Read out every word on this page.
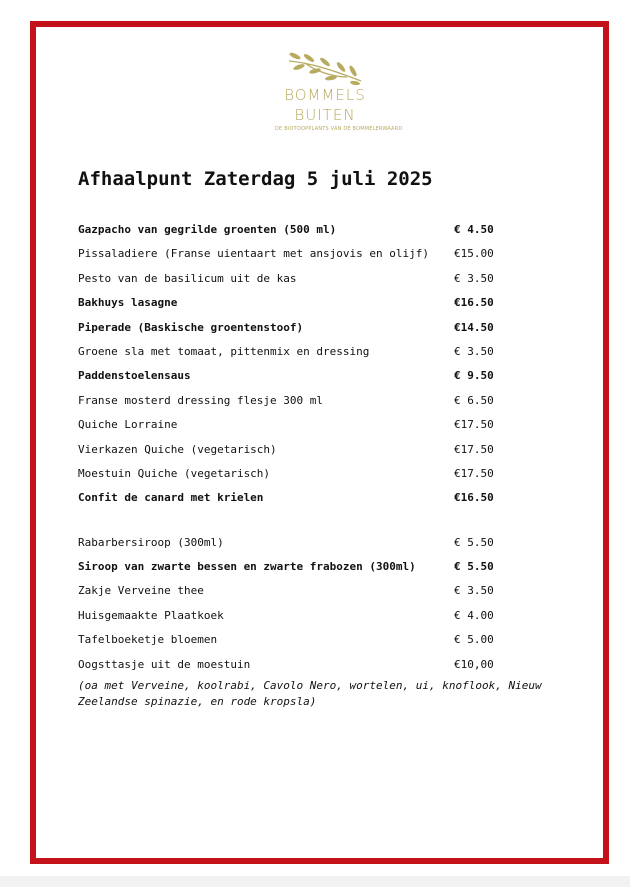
BOMMELS
BUITEN
DE BIOTOOPPLANTS VAN DE BOMMELERWAARD
Afhaalpunt Zaterdag 5 juli 2025
Gazpacho van gegrilde groenten (500 ml)	€ 4.50
Pissaladiere (Franse uientaart met ansjovis en olijf) €15.00
Pesto van de basilicum uit de kas	€ 3.50
Bakhuys lasagne	€16.50
Piperade (Baskische groentenstoof)	€14.50
Groene sla met tomaat, pittenmix en dressing	€ 3.50
Paddenstoelensaus	€ 9.50
Franse mosterd dressing flesje 300 ml	€ 6.50
Quiche Lorraine	€17.50
Vierkazen Quiche (vegetarisch)	€17.50
Moestuin Quiche (vegetarisch)	€17.50
Confit de canard met krielen	€16.50
Rabarbersiroop (300ml)	€ 5.50
Siroop van zwarte bessen en zwarte frabozen (300ml)	€ 5.50
Zakje Verveine thee	€ 3.50
Huisgemaakte Plaatkoek	€ 4.00
Tafelboeketje bloemen	€ 5.00
Oogsttasje uit de moestuin	€10,00
(oa met Verveine, koolrabi, Cavolo Nero, wortelen, ui, knoflook, Nieuw Zeelandse spinazie, en rode kropsla)
